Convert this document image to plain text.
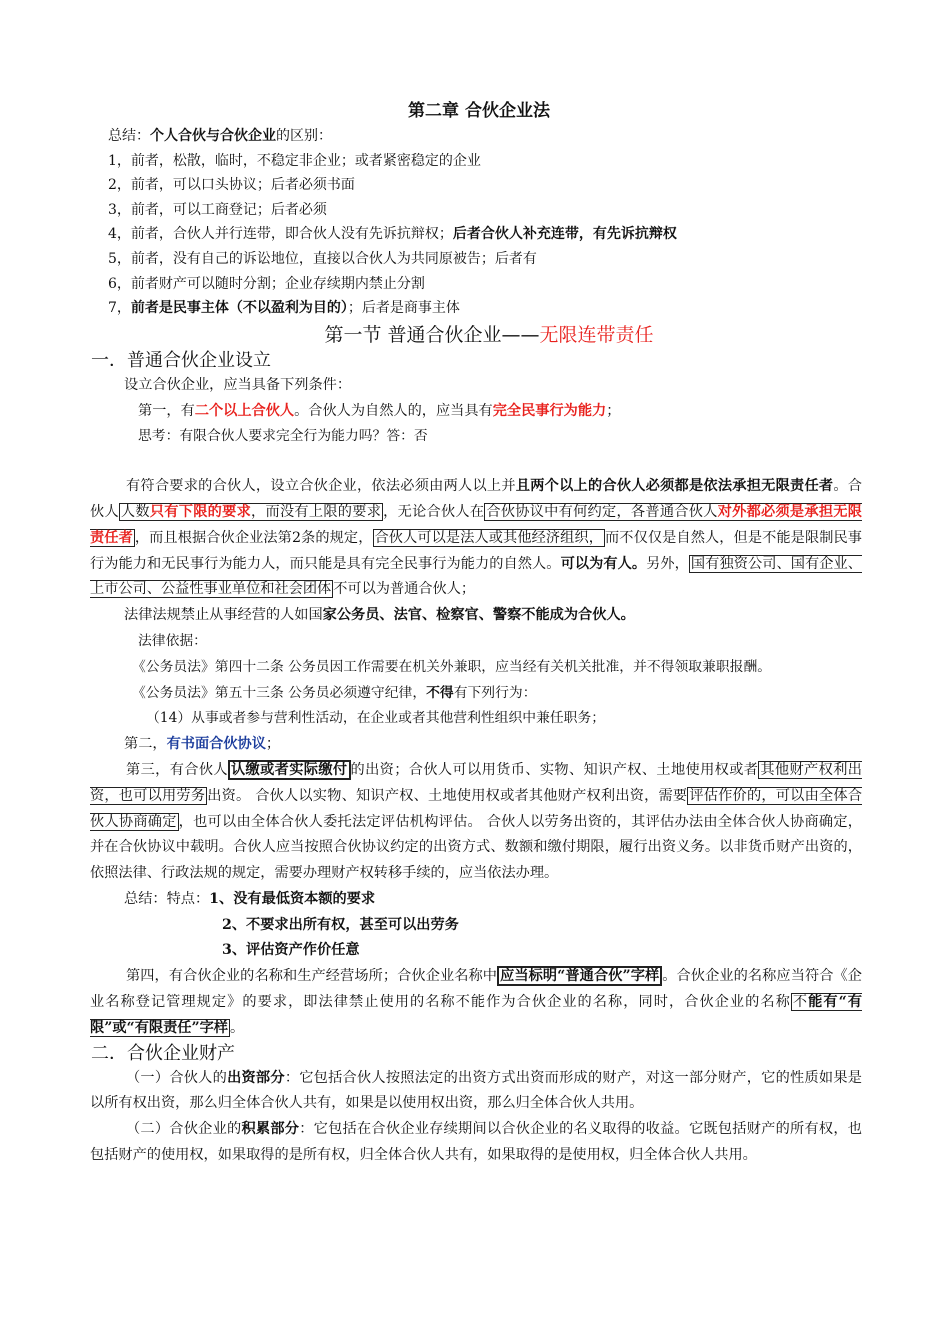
第二章 合伙企业法

总结：个人合伙与合伙企业的区别：

1，前者，松散，临时，不稳定非企业；或者紧密稳定的企业

2，前者，可以口头协议；后者必须书面

3，前者，可以工商登记；后者必须

4，前者，合伙人并行连带，即合伙人没有先诉抗辩权；后者合伙人补充连带，有先诉抗辩权

5，前者，没有自己的诉讼地位，直接以合伙人为共同原被告；后者有

6，前者财产可以随时分割；企业存续期内禁止分割

7，前者是民事主体（不以盈利为目的）；后者是商事主体

第一节 普通合伙企业——无限连带责任
一．普通合伙企业设立

设立合伙企业，应当具备下列条件：

第一，有二个以上合伙人。合伙人为自然人的，应当具有完全民事行为能力；

思考：有限合伙人要求完全行为能力吗？答：否

有符合要求的合伙人，设立合伙企业，依法必须由两人以上并且两个以上的合伙人必须都是依法承担无限责任者。合伙人 人数只有下限的要求，而没有上限的要求 ，无论合伙人在 合伙协议中有何约定，各普通合伙人对外都必须是承担无限责任者 ，而且根据合伙企业法第2条的规定， 合伙人可以是法人或其他经济组织， 而不仅仅是自然人，但是不能是限制民事行为能力和无民事行为能力人，而只能是具有完全民事行为能力的自然人。可以为有人。另外， 国有独资公司、国有企业、上市公司、公益性事业单位和社会团体 不可以为普通合伙人；

法律法规禁止从事经营的人如国家公务员、法官、检察官、警察不能成为合伙人。

法律依据：

《公务员法》第四十二条 公务员因工作需要在机关外兼职，应当经有关机关批准，并不得领取兼职报酬。

《公务员法》第五十三条 公务员必须遵守纪律，不得有下列行为：

（14）从事或者参与营利性活动，在企业或者其他营利性组织中兼任职务；

第二，有书面合伙协议；

第三，有合伙人 认缴或者实际缴付 的出资；合伙人可以用货币、实物、知识产权、土地使用权或者 其他财产权利出资，也可以用劳务 出资。 合伙人以实物、知识产权、土地使用权或者其他财产权利出资，需要 评估作价的，可以由全体合伙人协商确定 ，也可以由全体合伙人委托法定评估机构评估。 合伙人以劳务出资的，其评估办法由全体合伙人协商确定，并在合伙协议中载明。合伙人应当按照合伙协议约定的出资方式、数额和缴付期限，履行出资义务。以非货币财产出资的，依照法律、行政法规的规定，需要办理财产权转移手续的，应当依法办理。

总结：特点：1、没有最低资本额的要求

2、不要求出所有权，甚至可以出劳务

3、评估资产作价任意

第四，有合伙企业的名称和生产经营场所；合伙企业名称中 应当标明“普通合伙”字样 。合伙企业的名称应当符合《企业名称登记管理规定》的要求，即法律禁止使用的名称不能作为合伙企业的名称，同时，合伙企业的名称 不能有“有限”或“有限责任”字样 。

二．合伙企业财产

（一）合伙人的出资部分：它包括合伙人按照法定的出资方式出资而形成的财产，对这一部分财产，它的性质如果是以所有权出资，那么归全体合伙人共有，如果是以使用权出资，那么归全体合伙人共用。

（二）合伙企业的积累部分：它包括在合伙企业存续期间以合伙企业的名义取得的收益。它既包括财产的所有权，也包括财产的使用权，如果取得的是所有权，归全体合伙人共有，如果取得的是使用权，归全体合伙人共用。
